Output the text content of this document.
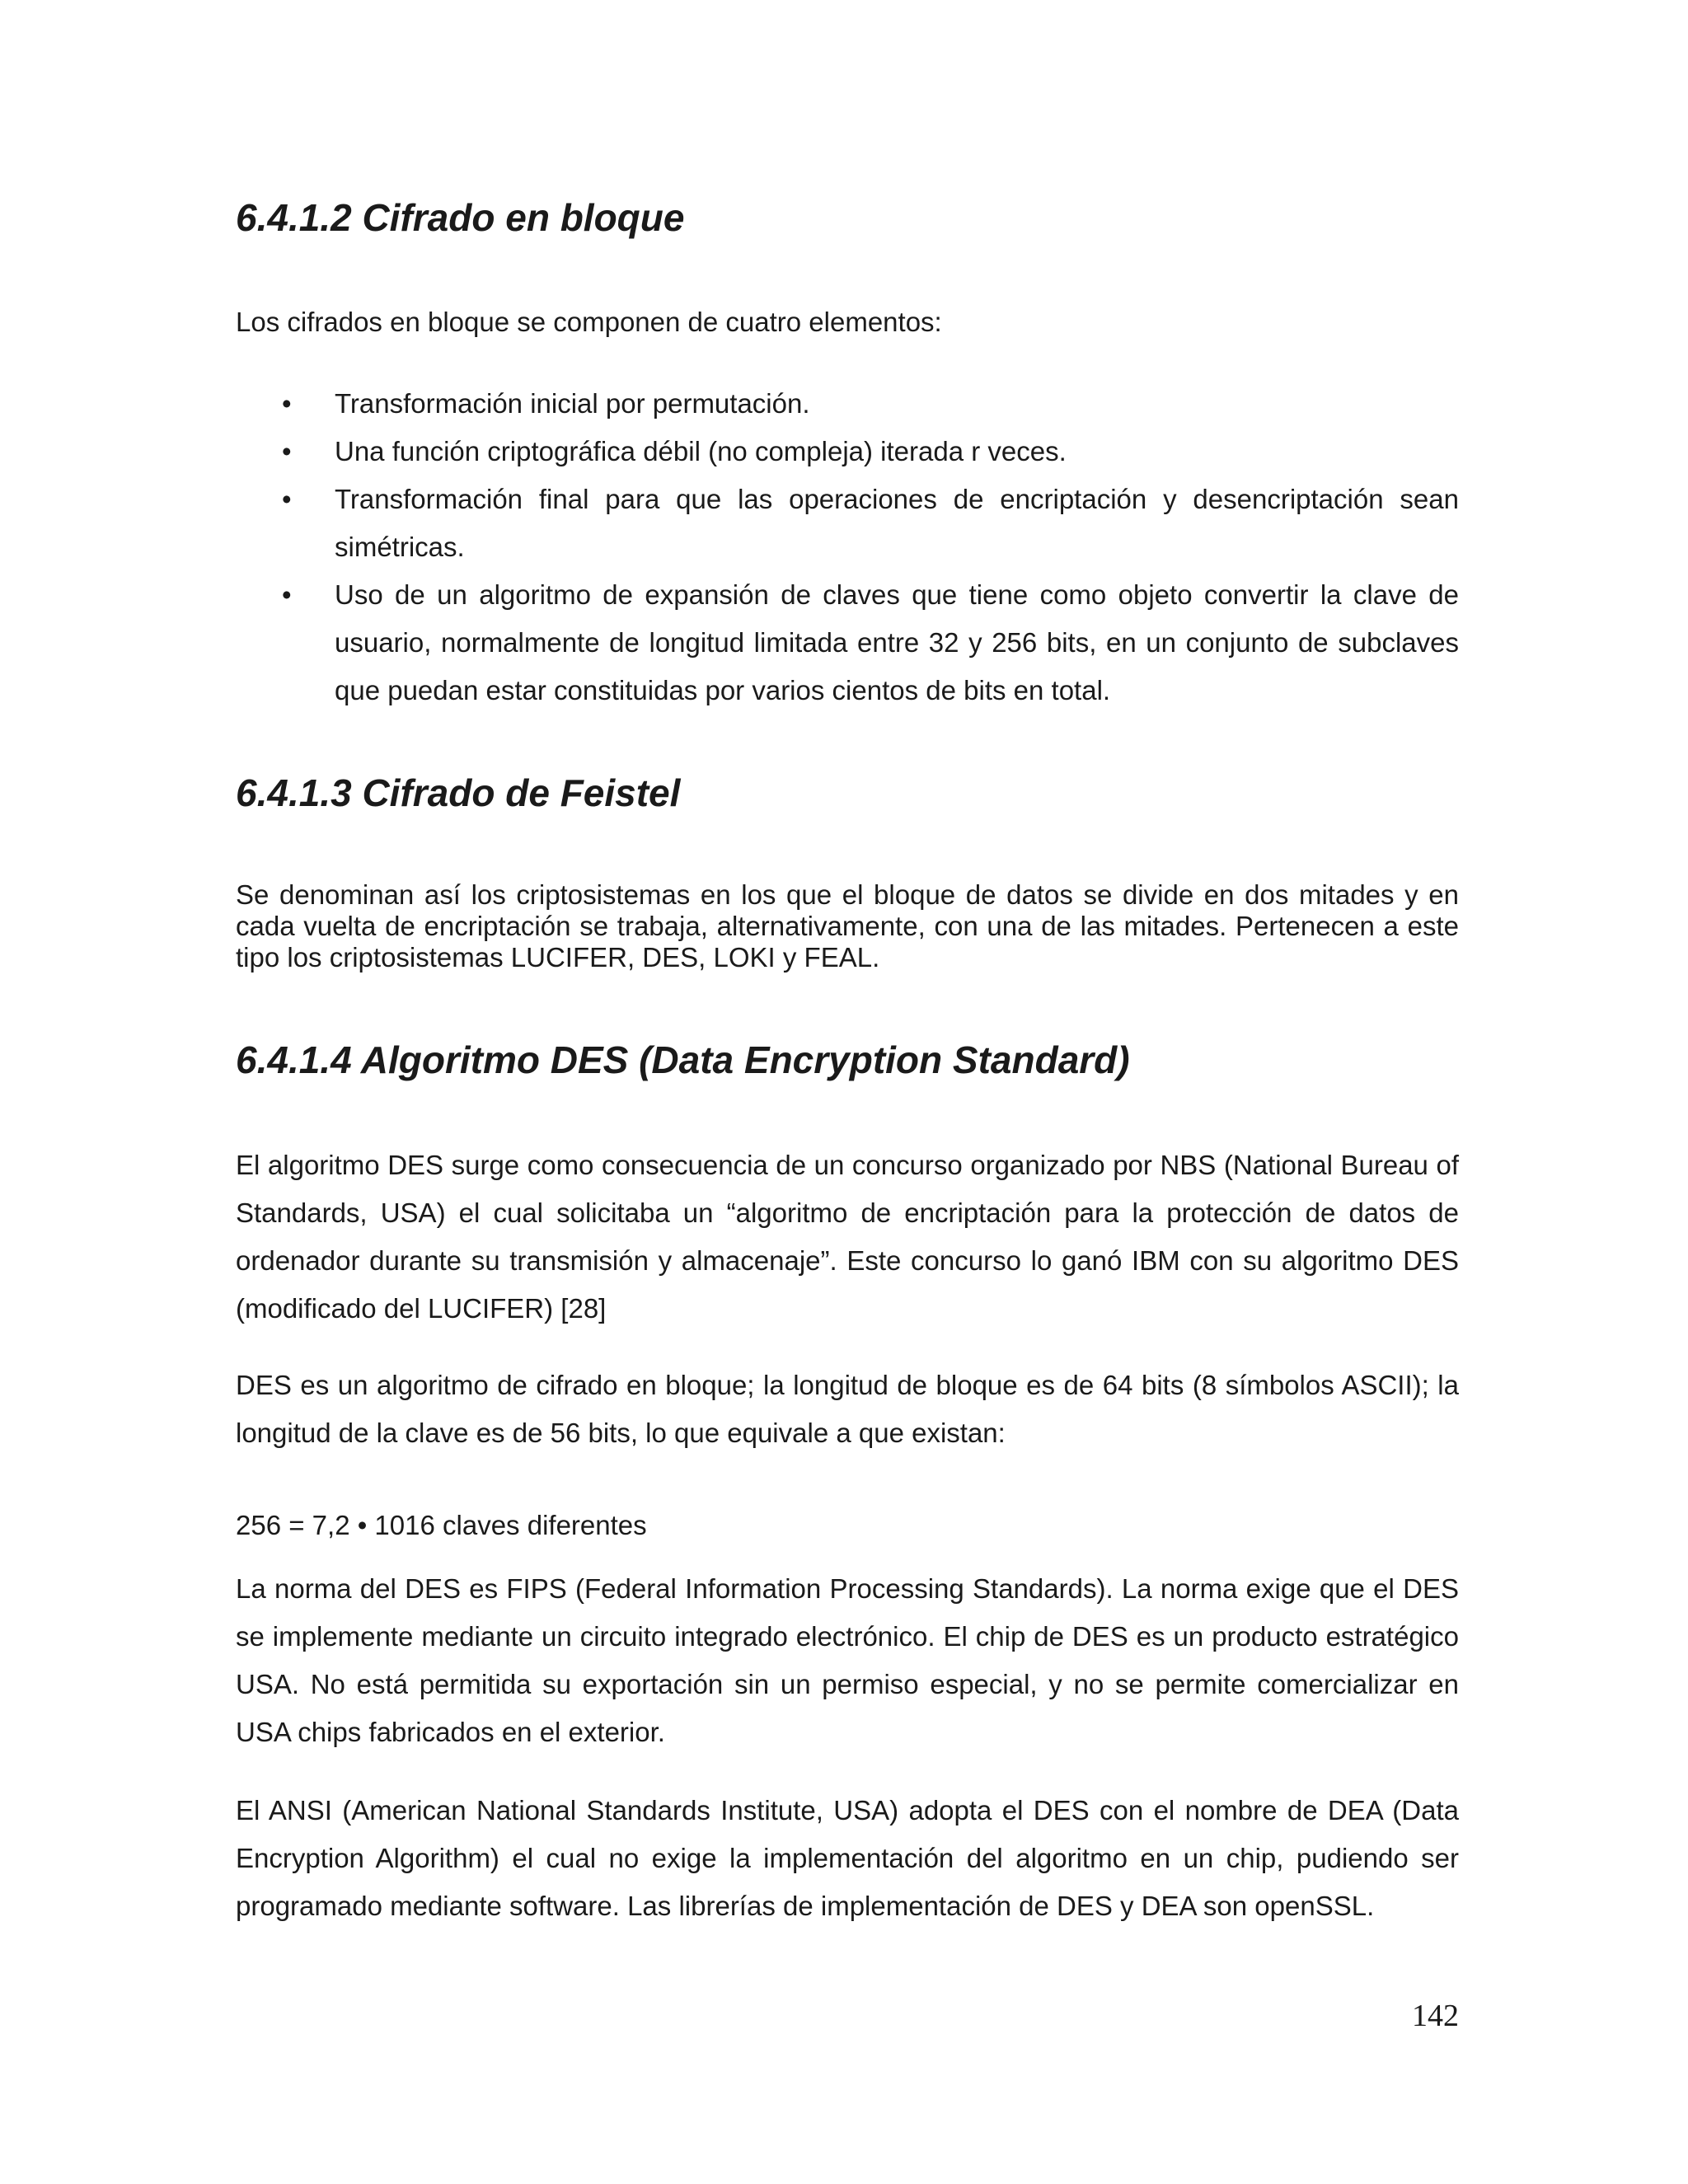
6.4.1.2 Cifrado en bloque

Los cifrados en bloque se componen de cuatro elementos:

• Transformación inicial por permutación.
• Una función criptográfica débil (no compleja) iterada r veces.
• Transformación final para que las operaciones de encriptación y desencriptación sean simétricas.
• Uso de un algoritmo de expansión de claves que tiene como objeto convertir la clave de usuario, normalmente de longitud limitada entre 32 y 256 bits, en un conjunto de subclaves que puedan estar constituidas por varios cientos de bits en total.
6.4.1.3 Cifrado de Feistel

Se denominan así los criptosistemas en los que el bloque de datos se divide en dos mitades y en cada vuelta de encriptación se trabaja, alternativamente, con una de las mitades. Pertenecen a este tipo los criptosistemas LUCIFER, DES, LOKI y FEAL.

6.4.1.4 Algoritmo DES (Data Encryption Standard)

El algoritmo DES surge como consecuencia de un concurso organizado por NBS (National Bureau of Standards, USA) el cual solicitaba un “algoritmo de encriptación para la protección de datos de ordenador durante su transmisión y almacenaje”. Este concurso lo ganó IBM con su algoritmo DES (modificado del LUCIFER) [28]

DES es un algoritmo de cifrado en bloque; la longitud de bloque es de 64 bits (8 símbolos ASCII); la longitud de la clave es de 56 bits, lo que equivale a que existan:

256 = 7,2 • 1016 claves diferentes

La norma del DES es FIPS (Federal Information Processing Standards). La norma exige que el DES se implemente mediante un circuito integrado electrónico. El chip de DES es un producto estratégico USA. No está permitida su exportación sin un permiso especial, y no se permite comercializar en USA chips fabricados en el exterior.

El ANSI (American National Standards Institute, USA) adopta el DES con el nombre de DEA (Data Encryption Algorithm) el cual no exige la implementación del algoritmo en un chip, pudiendo ser programado mediante software. Las librerías de implementación de DES y DEA son openSSL.

142
